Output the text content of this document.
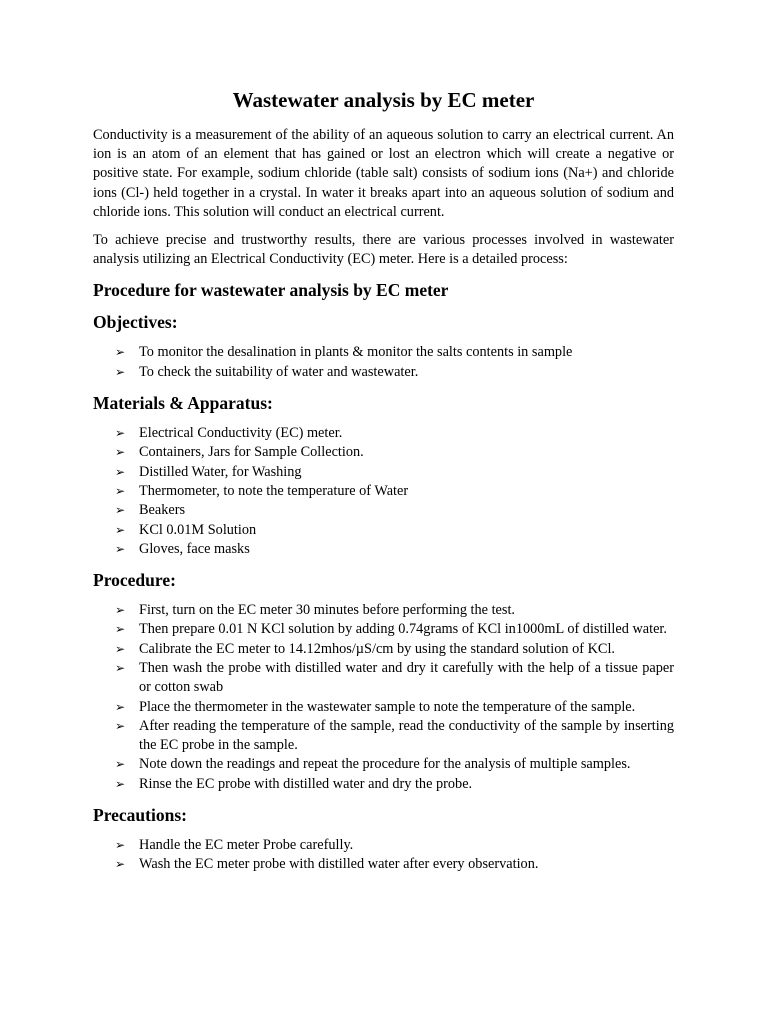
Wastewater analysis by EC meter

Conductivity is a measurement of the ability of an aqueous solution to carry an electrical current. An ion is an atom of an element that has gained or lost an electron which will create a negative or positive state. For example, sodium chloride (table salt) consists of sodium ions (Na+) and chloride ions (Cl-) held together in a crystal. In water it breaks apart into an aqueous solution of sodium and chloride ions. This solution will conduct an electrical current.

To achieve precise and trustworthy results, there are various processes involved in wastewater analysis utilizing an Electrical Conductivity (EC) meter. Here is a detailed process:

Procedure for wastewater analysis by EC meter
Objectives:
➢ To monitor the desalination in plants & monitor the salts contents in sample
➢ To check the suitability of water and wastewater.
Materials & Apparatus:
➢ Electrical Conductivity (EC) meter.
➢ Containers, Jars for Sample Collection.
➢ Distilled Water, for Washing
➢ Thermometer, to note the temperature of Water
➢ Beakers
➢ KCl 0.01M Solution
➢ Gloves, face masks
Procedure:
➢ First, turn on the EC meter 30 minutes before performing the test.
➢ Then prepare 0.01 N KCl solution by adding 0.74grams of KCl in1000mL of distilled water.
➢ Calibrate the EC meter to 14.12mhos/µS/cm by using the standard solution of KCl.
➢ Then wash the probe with distilled water and dry it carefully with the help of a tissue paper or cotton swab
➢ Place the thermometer in the wastewater sample to note the temperature of the sample.
➢ After reading the temperature of the sample, read the conductivity of the sample by inserting the EC probe in the sample.
➢ Note down the readings and repeat the procedure for the analysis of multiple samples.
➢ Rinse the EC probe with distilled water and dry the probe.
Precautions:
➢ Handle the EC meter Probe carefully.
➢ Wash the EC meter probe with distilled water after every observation.
